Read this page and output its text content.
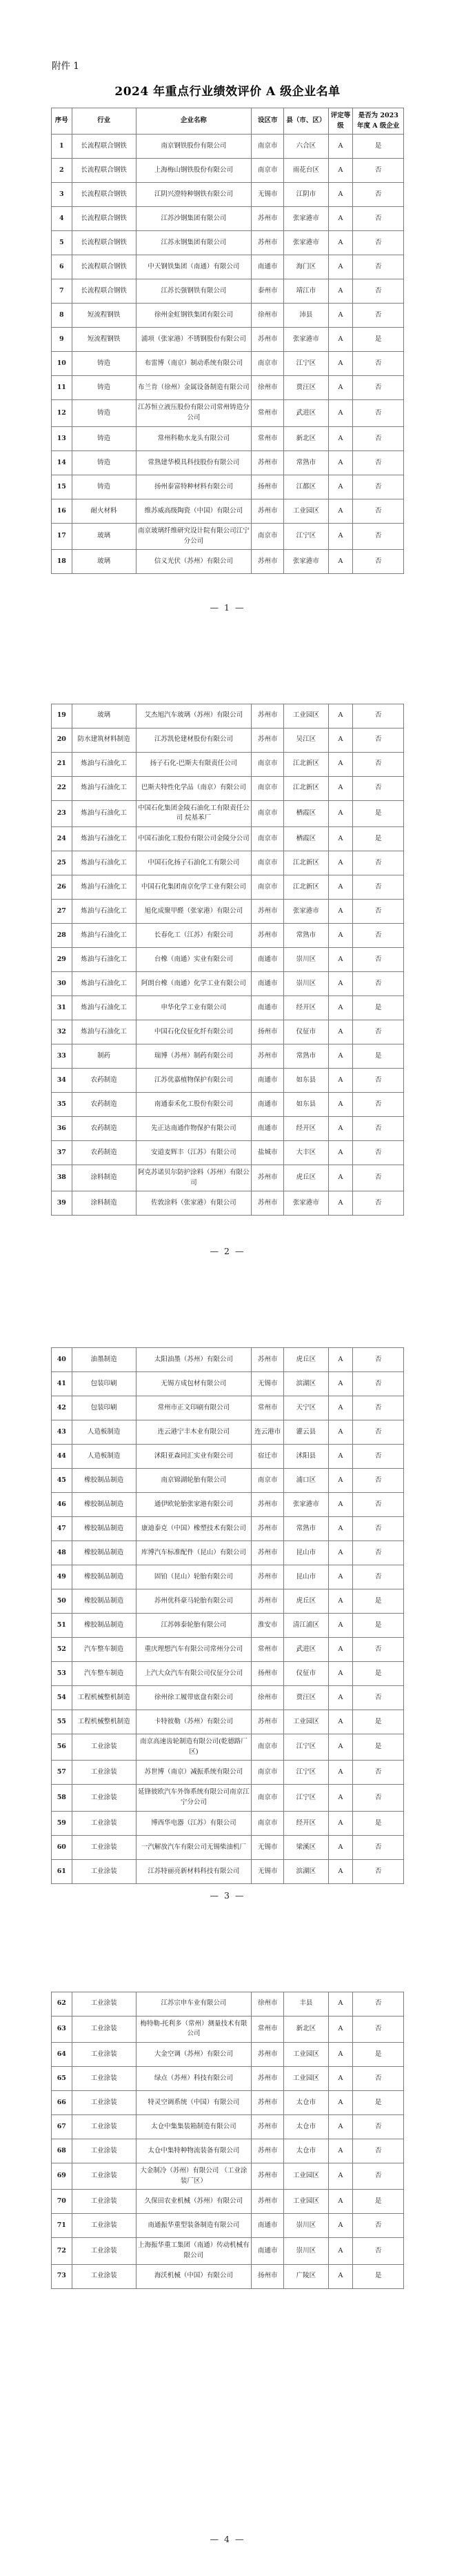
附件 1
2024 年重点行业绩效评价 A 级企业名单
序号	行业	企业名称	设区市	县（市、区）	评定等级	是否为 2023 年度 A 级企业
1	长流程联合钢铁	南京钢铁股份有限公司	南京市	六合区	A	是
2	长流程联合钢铁	上海梅山钢铁股份有限公司	南京市	雨花台区	A	否
3	长流程联合钢铁	江阴兴澄特种钢铁有限公司	无锡市	江阴市	A	否
4	长流程联合钢铁	江苏沙钢集团有限公司	苏州市	张家港市	A	否
5	长流程联合钢铁	江苏永钢集团有限公司	苏州市	张家港市	A	否
6	长流程联合钢铁	中天钢铁集团（南通）有限公司	南通市	海门区	A	否
7	长流程联合钢铁	江苏长强钢铁有限公司	泰州市	靖江市	A	否
8	短流程钢铁	徐州金虹钢铁集团有限公司	徐州市	沛县	A	否
9	短流程钢铁	浦项（张家港）不锈钢股份有限公司	苏州市	张家港市	A	是
10	铸造	布雷博（南京）制动系统有限公司	南京市	江宁区	A	否
11	铸造	布兰肯（徐州）金属设备制造有限公司	徐州市	贾汪区	A	否
12	铸造	江苏恒立液压股份有限公司常州铸造分公司	常州市	武进区	A	否
13	铸造	常州科勒水龙头有限公司	常州市	新北区	A	否
14	铸造	常熟建华模具科技股份有限公司	苏州市	常熟市	A	否
15	铸造	扬州泰富特种材料有限公司	扬州市	江都区	A	否
16	耐火材料	维苏威高级陶瓷（中国）有限公司	苏州市	工业园区	A	否
17	玻璃	南京玻璃纤维研究设计院有限公司江宁分公司	南京市	江宁区	A	否
18	玻璃	信义光伏（苏州）有限公司	苏州市	张家港市	A	否
— 1 —
19	玻璃	艾杰旭汽车玻璃（苏州）有限公司	苏州市	工业园区	A	否
20	防水建筑材料制造	江苏凯伦建材股份有限公司	苏州市	吴江区	A	否
21	炼油与石油化工	扬子石化-巴斯夫有限责任公司	南京市	江北新区	A	否
22	炼油与石油化工	巴斯夫特性化学品（南京）有限公司	南京市	江北新区	A	否
23	炼油与石油化工	中国石化集团金陵石油化工有限责任公司 烷基苯厂	南京市	栖霞区	A	是
24	炼油与石油化工	中国石油化工股份有限公司金陵分公司	南京市	栖霞区	A	是
25	炼油与石油化工	中国石化扬子石油化工有限公司	南京市	江北新区	A	否
26	炼油与石油化工	中国石化集团南京化学工业有限公司	南京市	江北新区	A	否
27	炼油与石油化工	旭化成聚甲醛（张家港）有限公司	苏州市	张家港市	A	否
28	炼油与石油化工	长春化工（江苏）有限公司	苏州市	常熟市	A	否
29	炼油与石油化工	台橡（南通）实业有限公司	南通市	崇川区	A	否
30	炼油与石油化工	阿朗台橡（南通）化学工业有限公司	南通市	崇川区	A	否
31	炼油与石油化工	申华化学工业有限公司	南通市	经开区	A	是
32	炼油与石油化工	中国石化仪征化纤有限公司	扬州市	仪征市	A	否
33	制药	瑞博（苏州）制药有限公司	苏州市	常熟市	A	是
34	农药制造	江苏优嘉植物保护有限公司	南通市	如东县	A	否
35	农药制造	南通泰禾化工股份有限公司	南通市	如东县	A	否
36	农药制造	先正达南通作物保护有限公司	南通市	经开区	A	否
37	农药制造	安道麦辉丰（江苏）有限公司	盐城市	大丰区	A	否
38	涂料制造	阿克苏诺贝尔防护涂料（苏州）有限公司	苏州市	虎丘区	A	否
39	涂料制造	佐敦涂料（张家港）有限公司	苏州市	张家港市	A	否
— 2 —
40	油墨制造	太阳油墨（苏州）有限公司	苏州市	虎丘区	A	否
41	包装印刷	无锡方成包材有限公司	无锡市	滨湖区	A	否
42	包装印刷	常州市正文印刷有限公司	常州市	天宁区	A	否
43	人造板制造	连云港宁丰木业有限公司	连云港市	灌云县	A	否
44	人造板制造	沭阳亚森同汇实业有限公司	宿迁市	沭阳县	A	否
45	橡胶制品制造	南京锦湖轮胎有限公司	南京市	浦口区	A	否
46	橡胶制品制造	通伊欧轮胎张家港有限公司	苏州市	张家港市	A	否
47	橡胶制品制造	康迪泰克（中国）橡塑技术有限公司	苏州市	常熟市	A	否
48	橡胶制品制造	库博汽车标准配件（昆山）有限公司	苏州市	昆山市	A	否
49	橡胶制品制造	固铂（昆山）轮胎有限公司	苏州市	昆山市	A	否
50	橡胶制品制造	苏州优科豪马轮胎有限公司	苏州市	虎丘区	A	是
51	橡胶制品制造	江苏韩泰轮胎有限公司	淮安市	清江浦区	A	是
52	汽车整车制造	重庆理想汽车有限公司常州分公司	常州市	武进区	A	否
53	汽车整车制造	上汽大众汽车有限公司仪征分公司	扬州市	仪征市	A	是
54	工程机械整机制造	徐州徐工履带底盘有限公司	徐州市	贾汪区	A	否
55	工程机械整机制造	卡特彼勒（苏州）有限公司	苏州市	工业园区	A	是
56	工业涂装	南京高速齿轮制造有限公司(乾德路厂区)	南京市	江宁区	A	是
57	工业涂装	苏世博（南京）减振系统有限公司	南京市	江宁区	A	否
58	工业涂装	延锋彼欧汽车外饰系统有限公司南京江宁分公司	南京市	江宁区	A	否
59	工业涂装	博西华电器（江苏）有限公司	南京市	经开区	A	是
60	工业涂装	一汽解放汽车有限公司无锡柴油机厂	无锡市	梁溪区	A	否
61	工业涂装	江苏特丽亮新材料科技有限公司	无锡市	滨湖区	A	否
— 3 —
62	工业涂装	江苏宗申车业有限公司	徐州市	丰县	A	否
63	工业涂装	梅特勒-托利多（常州）测量技术有限公司	常州市	新北区	A	否
64	工业涂装	大金空调（苏州）有限公司	苏州市	工业园区	A	是
65	工业涂装	绿点（苏州）科技有限公司	苏州市	工业园区	A	否
66	工业涂装	特灵空调系统（中国）有限公司	苏州市	太仓市	A	是
67	工业涂装	太仓中集集装箱制造有限公司	苏州市	太仓市	A	否
68	工业涂装	太仓中集特种物流装备有限公司	苏州市	太仓市	A	否
69	工业涂装	大金制冷（苏州）有限公司 （工业涂装厂区）	苏州市	工业园区	A	否
70	工业涂装	久保田农业机械（苏州）有限公司	苏州市	工业园区	A	是
71	工业涂装	南通振华重型装备制造有限公司	南通市	崇川区	A	否
72	工业涂装	上海振华重工集团（南通）传动机械有限公司	南通市	崇川区	A	否
73	工业涂装	海沃机械（中国）有限公司	扬州市	广陵区	A	是
— 4 —
